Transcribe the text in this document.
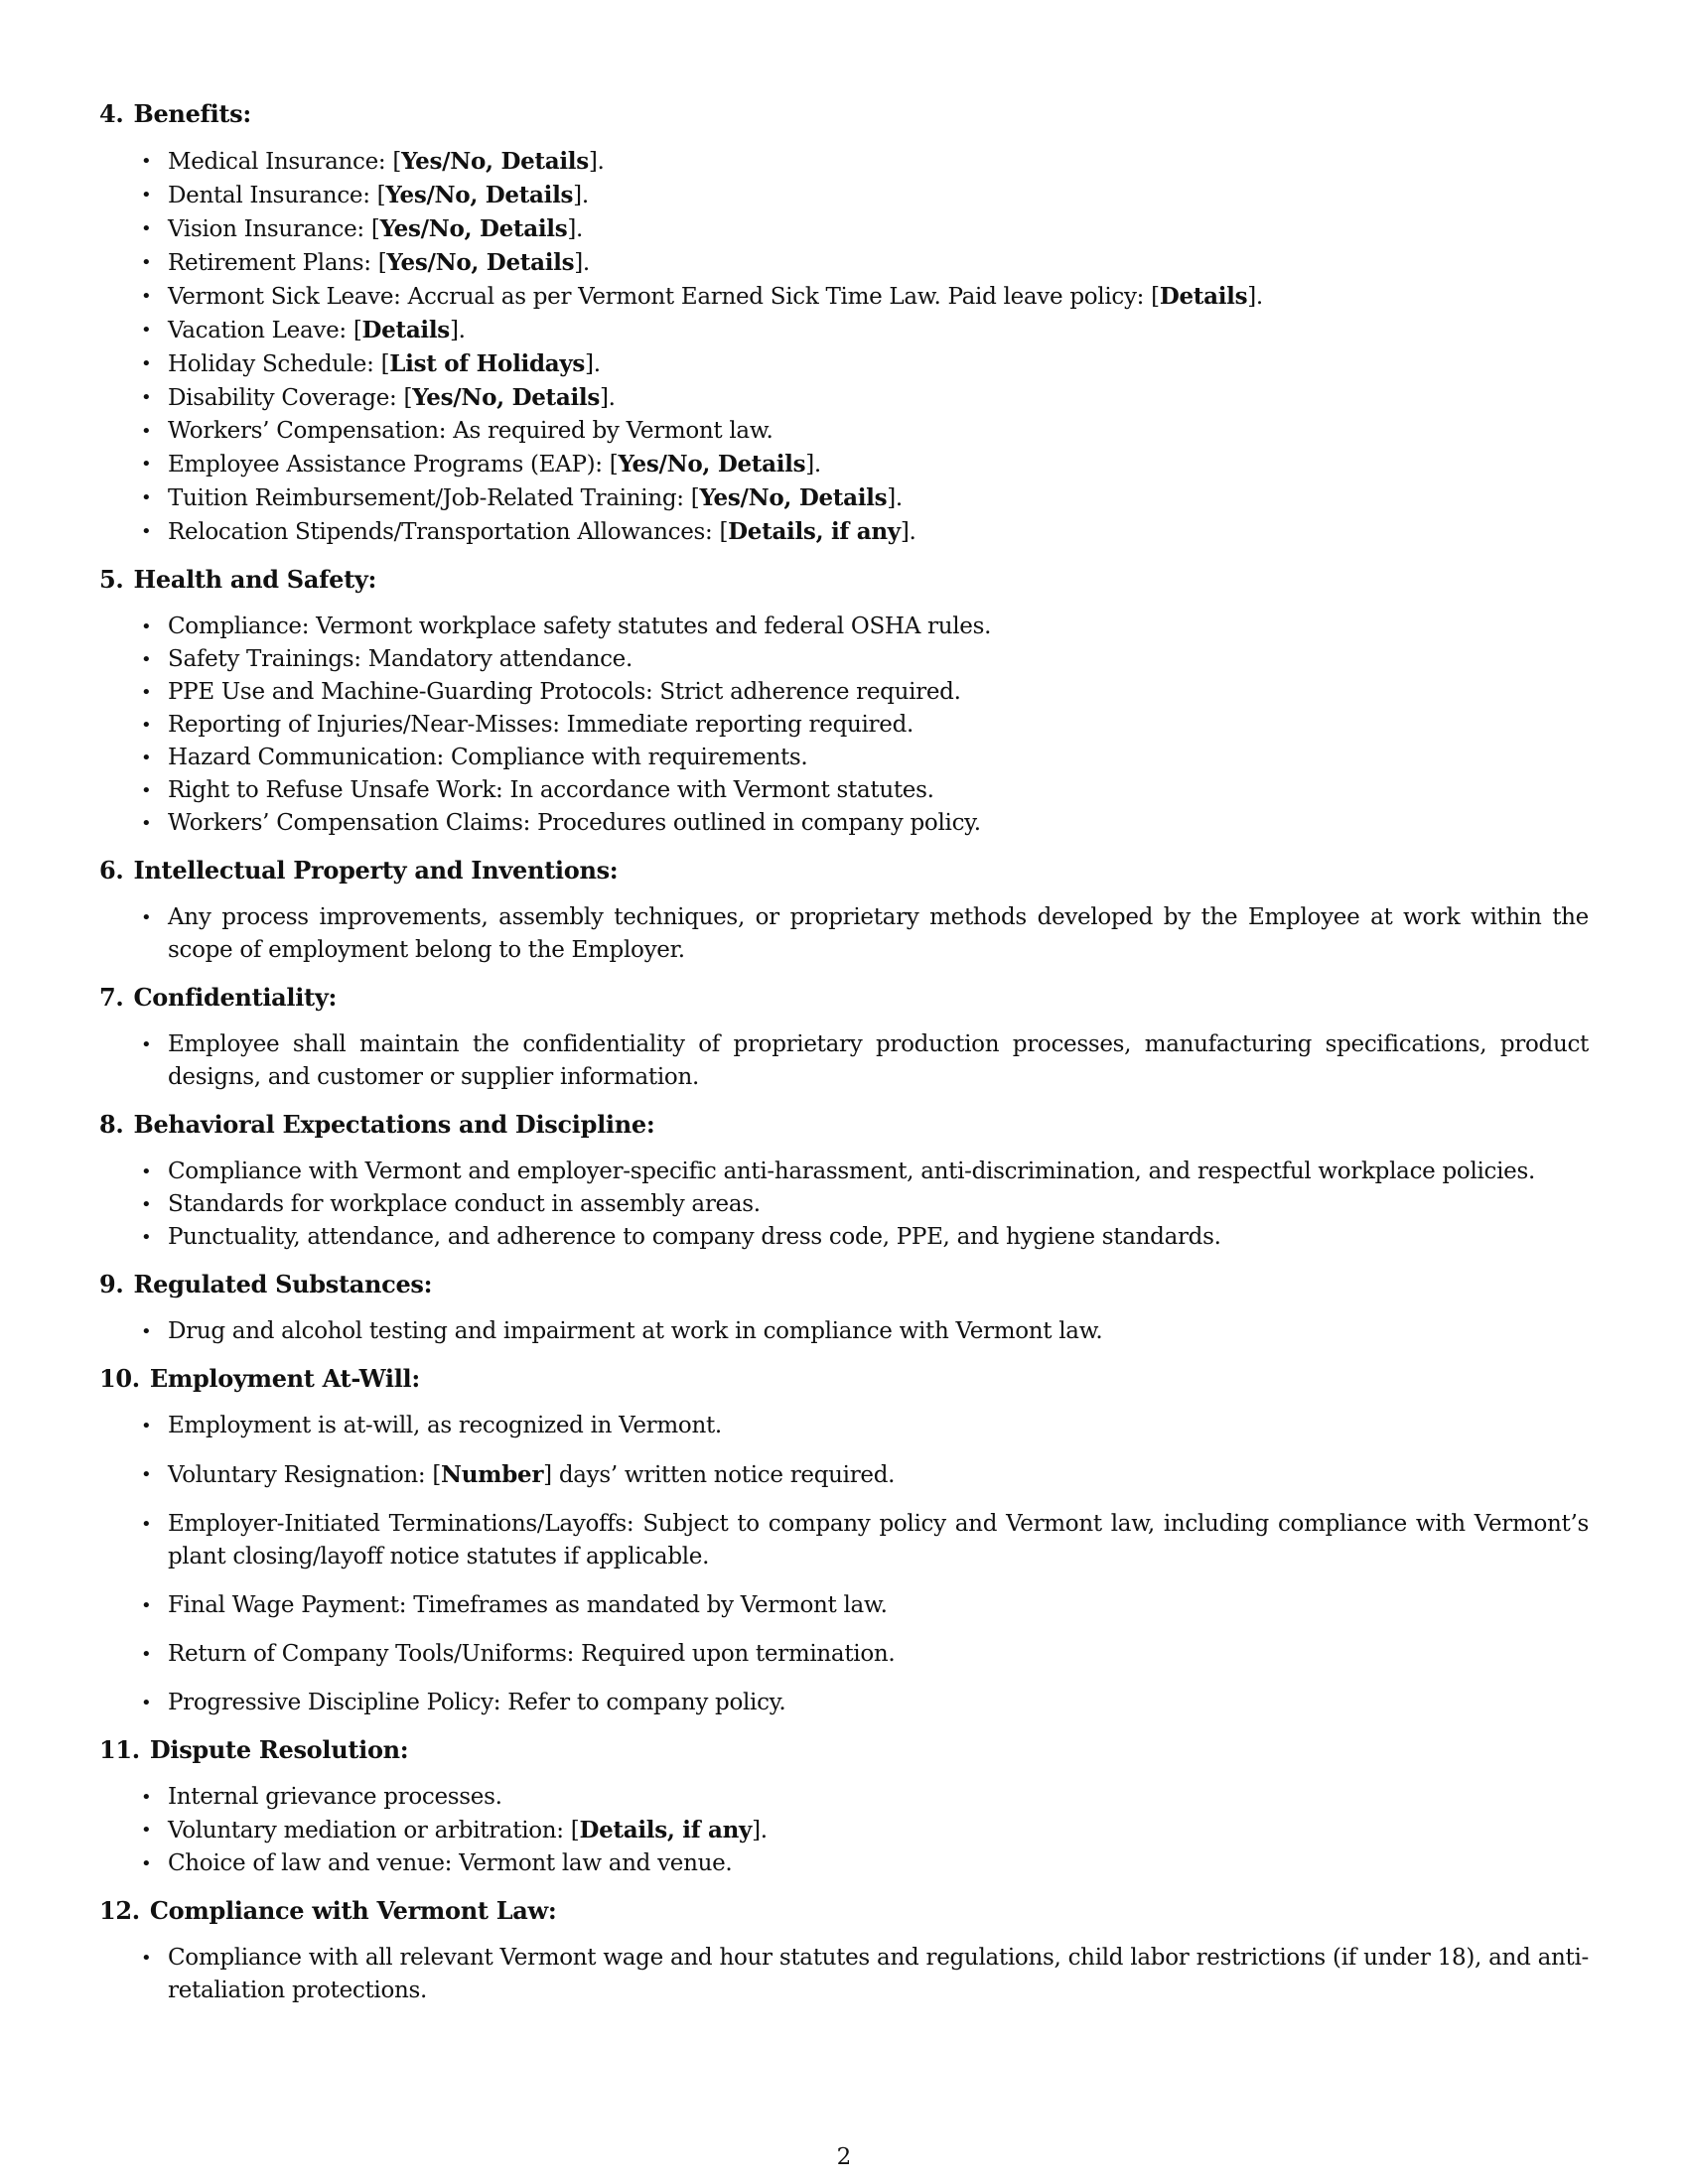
4. Benefits:
• Medical Insurance: [Yes/No, Details].
• Dental Insurance: [Yes/No, Details].
• Vision Insurance: [Yes/No, Details].
• Retirement Plans: [Yes/No, Details].
• Vermont Sick Leave: Accrual as per Vermont Earned Sick Time Law. Paid leave policy: [Details].
• Vacation Leave: [Details].
• Holiday Schedule: [List of Holidays].
• Disability Coverage: [Yes/No, Details].
• Workers’ Compensation: As required by Vermont law.
• Employee Assistance Programs (EAP): [Yes/No, Details].
• Tuition Reimbursement/Job-Related Training: [Yes/No, Details].
• Relocation Stipends/Transportation Allowances: [Details, if any].
5. Health and Safety:
• Compliance: Vermont workplace safety statutes and federal OSHA rules.
• Safety Trainings: Mandatory attendance.
• PPE Use and Machine-Guarding Protocols: Strict adherence required.
• Reporting of Injuries/Near-Misses: Immediate reporting required.
• Hazard Communication: Compliance with requirements.
• Right to Refuse Unsafe Work: In accordance with Vermont statutes.
• Workers’ Compensation Claims: Procedures outlined in company policy.
6. Intellectual Property and Inventions:
• Any process improvements, assembly techniques, or proprietary methods developed by the Employee at work within the scope of employment belong to the Employer.
7. Confidentiality:
• Employee shall maintain the confidentiality of proprietary production processes, manufacturing specifications, product designs, and customer or supplier information.
8. Behavioral Expectations and Discipline:
• Compliance with Vermont and employer-specific anti-harassment, anti-discrimination, and respectful workplace policies.
• Standards for workplace conduct in assembly areas.
• Punctuality, attendance, and adherence to company dress code, PPE, and hygiene standards.
9. Regulated Substances:
• Drug and alcohol testing and impairment at work in compliance with Vermont law.
10. Employment At-Will:
• Employment is at-will, as recognized in Vermont.
• Voluntary Resignation: [Number] days’ written notice required.
• Employer-Initiated Terminations/Layoffs: Subject to company policy and Vermont law, including compliance with Vermont’s plant closing/layoff notice statutes if applicable.
• Final Wage Payment: Timeframes as mandated by Vermont law.
• Return of Company Tools/Uniforms: Required upon termination.
• Progressive Discipline Policy: Refer to company policy.
11. Dispute Resolution:
• Internal grievance processes.
• Voluntary mediation or arbitration: [Details, if any].
• Choice of law and venue: Vermont law and venue.
12. Compliance with Vermont Law:
• Compliance with all relevant Vermont wage and hour statutes and regulations, child labor restrictions (if under 18), and anti-retaliation protections.
2
